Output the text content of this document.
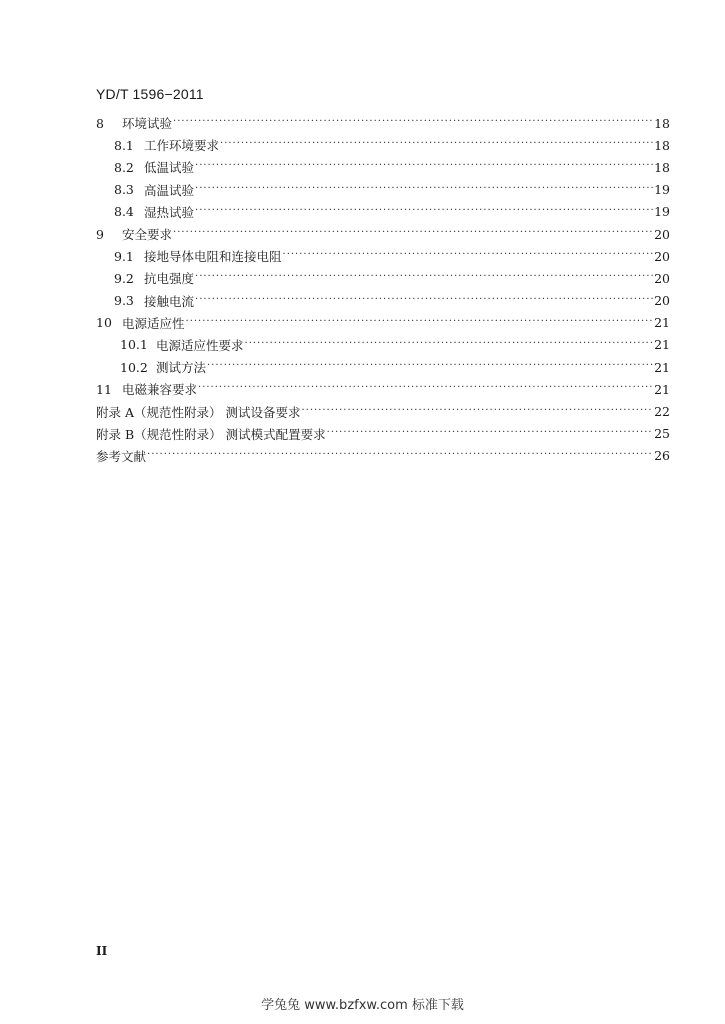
YD/T 1596−2011
8	环境试验 ·····	18
8.1 工作环境要求 ·····	18
8.2 低温试验 ·····	18
8.3 高温试验 ·····	19
8.4 湿热试验 ·····	19
9	安全要求 ·····	20
9.1 接地导体电阻和连接电阻 ·····	20
9.2 抗电强度 ·····	20
9.3 接触电流 ·····	20
10 电源适应性 ·····	21
10.1 电源适应性要求 ·····	21
10.2 测试方法 ·····	21
11 电磁兼容要求 ·····	21
附录 A（规范性附录） 测试设备要求 ·····	22
附录 B（规范性附录） 测试模式配置要求 ·····	25
参考文献 ·····	26
II
学兔兔 www.bzfxw.com 标准下载
